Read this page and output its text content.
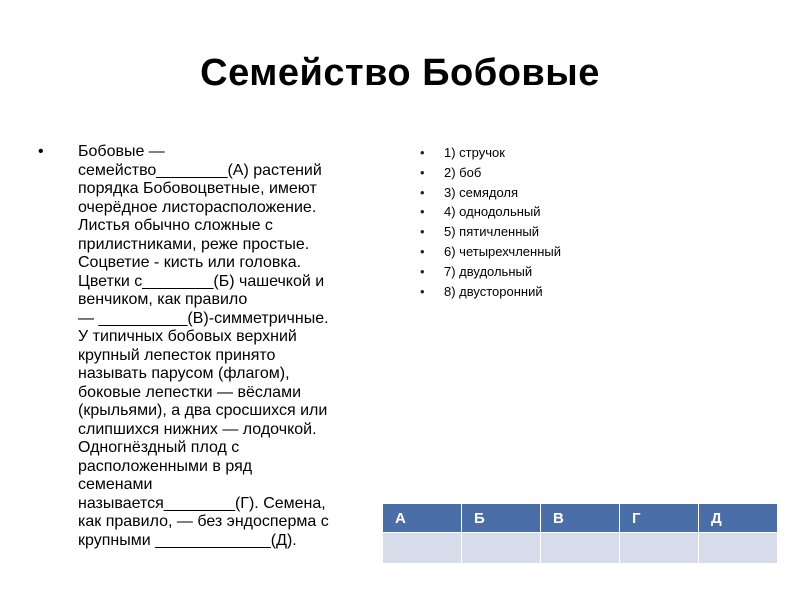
Семейство Бобовые
• Бобовые —
семейство________(А) растений
порядка Бобовоцветные, имеют
очерёдное листорасположение.
Листья обычно сложные с
прилистниками, реже простые.
Соцветие - кисть или головка.
Цветки с________(Б) чашечкой и
венчиком, как правило
— __________(В)-симметричные.
У типичных бобовых верхний
крупный лепесток принято
называть парусом (флагом),
боковые лепестки — вёслами
(крыльями), а два сросшихся или
слипшихся нижних — лодочкой.
Одногнёздный плод с
расположенными в ряд
семенами
называется________(Г). Семена,
как правило, — без эндосперма с
крупными _____________(Д).
• 1) стручок
• 2) боб
• 3) семядоля
• 4) однодольный
• 5) пятичленный
• 6) четырехчленный
• 7) двудольный
• 8) двусторонний
А	Б	В	Г	Д
